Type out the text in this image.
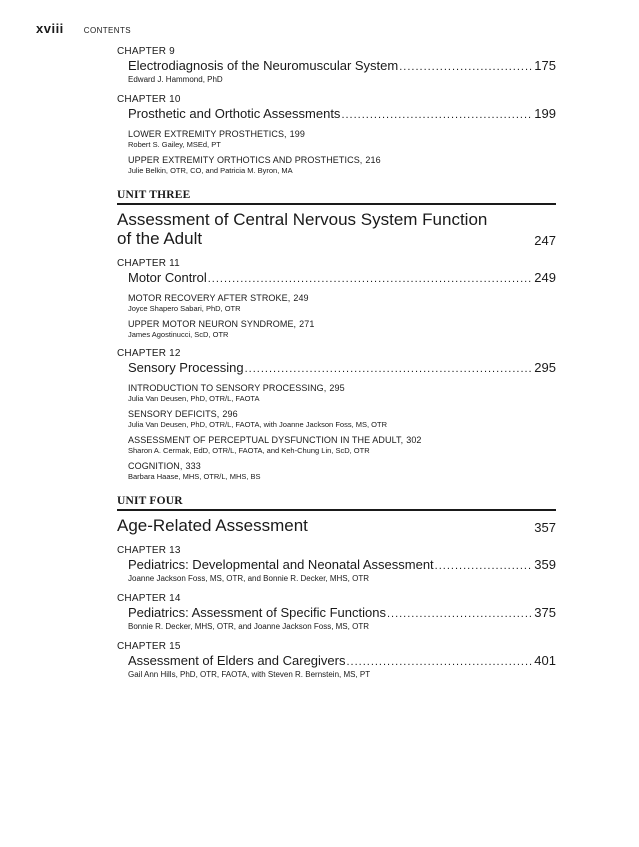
xviii	CONTENTS
CHAPTER 9
Electrodiagnosis of the Neuromuscular System .....	175
Edward J. Hammond, PhD
CHAPTER 10
Prosthetic and Orthotic Assessments .....	199
LOWER EXTREMITY PROSTHETICS, 199
Robert S. Gailey, MSEd, PT
UPPER EXTREMITY ORTHOTICS AND PROSTHETICS, 216
Julie Belkin, OTR, CO, and Patricia M. Byron, MA
UNIT THREE
Assessment of Central Nervous System Function of the Adult	247
CHAPTER 11
Motor Control .....	249
MOTOR RECOVERY AFTER STROKE, 249
Joyce Shapero Sabari, PhD, OTR
UPPER MOTOR NEURON SYNDROME, 271
James Agostinucci, ScD, OTR
CHAPTER 12
Sensory Processing .....	295
INTRODUCTION TO SENSORY PROCESSING, 295
Julia Van Deusen, PhD, OTR/L, FAOTA
SENSORY DEFICITS, 296
Julia Van Deusen, PhD, OTR/L, FAOTA, with Joanne Jackson Foss, MS, OTR
ASSESSMENT OF PERCEPTUAL DYSFUNCTION IN THE ADULT, 302
Sharon A. Cermak, EdD, OTR/L, FAOTA, and Keh-Chung Lin, ScD, OTR
COGNITION, 333
Barbara Haase, MHS, OTR/L, MHS, BS
UNIT FOUR
Age-Related Assessment	357
CHAPTER 13
Pediatrics: Developmental and Neonatal Assessment .....	359
Joanne Jackson Foss, MS, OTR, and Bonnie R. Decker, MHS, OTR
CHAPTER 14
Pediatrics: Assessment of Specific Functions .....	375
Bonnie R. Decker, MHS, OTR, and Joanne Jackson Foss, MS, OTR
CHAPTER 15
Assessment of Elders and Caregivers .....	401
Gail Ann Hills, PhD, OTR, FAOTA, with Steven R. Bernstein, MS, PT
